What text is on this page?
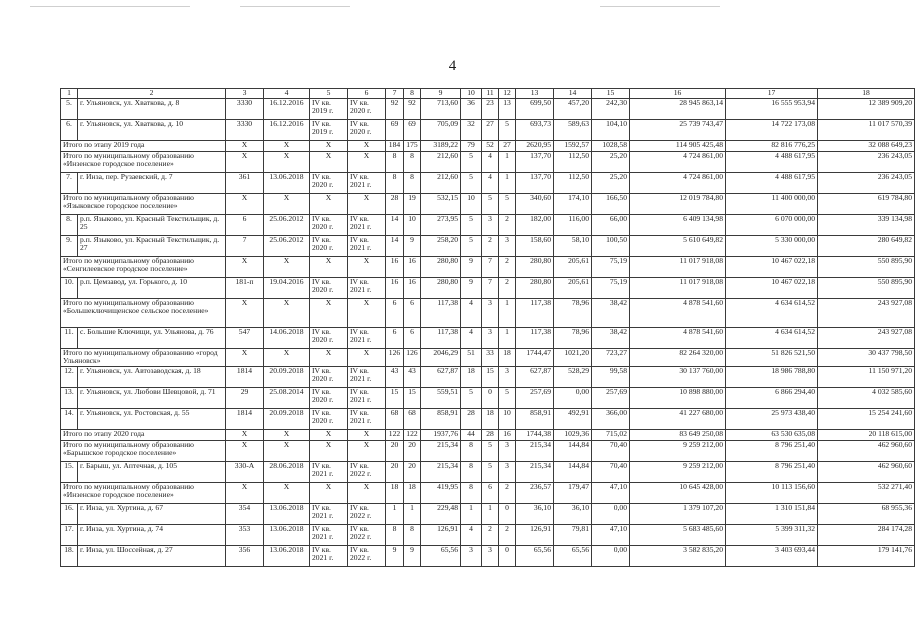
4
1	2	3	4	5	6	7	8	9	10	11	12	13	14	15	16	17	18
5.	г. Ульяновск, ул. Хваткова, д. 8	3330	16.12.2016	IV кв. 2019 г.	IV кв. 2020 г.	92	92	713,60	36	23	13	699,50	457,20	242,30	28 945 863,14	16 555 953,94	12 389 909,20
6.	г. Ульяновск, ул. Хваткова, д. 10	3330	16.12.2016	IV кв. 2019 г.	IV кв. 2020 г.	69	69	705,09	32	27	5	693,73	589,63	104,10	25 739 743,47	14 722 173,08	11 017 570,39
Итого по этапу 2019 года		X	X	X	X	184	175	3189,22	79	52	27	2620,95	1592,57	1028,58	114 905 425,48	82 816 776,25	32 088 649,23
Итого по муниципальному образованию «Инзенское городское поселение»		X	X	X	X	8	8	212,60	5	4	1	137,70	112,50	25,20	4 724 861,00	4 488 617,95	236 243,05
7.	г. Инза, пер. Рузаевский, д. 7	361	13.06.2018	IV кв. 2020 г.	IV кв. 2021 г.	8	8	212,60	5	4	1	137,70	112,50	25,20	4 724 861,00	4 488 617,95	236 243,05
Итого по муниципальному образованию «Языковское городское поселение»		X	X	X	X	28	19	532,15	10	5	5	340,60	174,10	166,50	12 019 784,80	11 400 000,00	619 784,80
8.	р.п. Языково, ул. Красный Текстильщик, д. 25	6	25.06.2012	IV кв. 2020 г.	IV кв. 2021 г.	14	10	273,95	5	3	2	182,00	116,00	66,00	6 409 134,98	6 070 000,00	339 134,98
9.	р.п. Языково, ул. Красный Текстильщик, д. 27	7	25.06.2012	IV кв. 2020 г.	IV кв. 2021 г.	14	9	258,20	5	2	3	158,60	58,10	100,50	5 610 649,82	5 330 000,00	280 649,82
Итого по муниципальному образованию «Сенгилеевское городское поселение»		X	X	X	X	16	16	280,80	9	7	2	280,80	205,61	75,19	11 017 918,08	10 467 022,18	550 895,90
10.	р.п. Цемзавод, ул. Горького, д. 10	181-п	19.04.2016	IV кв. 2020 г.	IV кв. 2021 г.	16	16	280,80	9	7	2	280,80	205,61	75,19	11 017 918,08	10 467 022,18	550 895,90
Итого по муниципальному образованию «Большеключищенское сельское поселение»		X	X	X	X	6	6	117,38	4	3	1	117,38	78,96	38,42	4 878 541,60	4 634 614,52	243 927,08
11.	с. Большие Ключищи, ул. Ульянова, д. 76	547	14.06.2018	IV кв. 2020 г.	IV кв. 2021 г.	6	6	117,38	4	3	1	117,38	78,96	38,42	4 878 541,60	4 634 614,52	243 927,08
Итого по муниципальному образованию «город Ульяновск»		X	X	X	X	126	126	2046,29	51	33	18	1744,47	1021,20	723,27	82 264 320,00	51 826 521,50	30 437 798,50
12.	г. Ульяновск, ул. Автозаводская, д. 18	1814	20.09.2018	IV кв. 2020 г.	IV кв. 2021 г.	43	43	627,87	18	15	3	627,87	528,29	99,58	30 137 760,00	18 986 788,80	11 150 971,20
13.	г. Ульяновск, ул. Любови Шевцовой, д. 71	29	25.08.2014	IV кв. 2020 г.	IV кв. 2021 г.	15	15	559,51	5	0	5	257,69	0,00	257,69	10 898 880,00	6 866 294,40	4 032 585,60
14.	г. Ульяновск, ул. Ростовская, д. 55	1814	20.09.2018	IV кв. 2020 г.	IV кв. 2021 г.	68	68	858,91	28	18	10	858,91	492,91	366,00	41 227 680,00	25 973 438,40	15 254 241,60
Итого по этапу 2020 года		X	X	X	X	122	122	1937,76	44	28	16	1744,38	1029,36	715,02	83 649 250,08	63 530 635,08	20 118 615,00
Итого по муниципальному образованию «Барышское городское поселение»		X	X	X	X	20	20	215,34	8	5	3	215,34	144,84	70,40	9 259 212,00	8 796 251,40	462 960,60
15.	г. Барыш, ул. Аптечная, д. 105	330-А	28.06.2018	IV кв. 2021 г.	IV кв. 2022 г.	20	20	215,34	8	5	3	215,34	144,84	70,40	9 259 212,00	8 796 251,40	462 960,60
Итого по муниципальному образованию «Инзенское городское поселение»		X	X	X	X	18	18	419,95	8	6	2	236,57	179,47	47,10	10 645 428,00	10 113 156,60	532 271,40
16.	г. Инза, ул. Хуртина, д. 67	354	13.06.2018	IV кв. 2021 г.	IV кв. 2022 г.	1	1	229,48	1	1	0	36,10	36,10	0,00	1 379 107,20	1 310 151,84	68 955,36
17.	г. Инза, ул. Хуртина, д. 74	353	13.06.2018	IV кв. 2021 г.	IV кв. 2022 г.	8	8	126,91	4	2	2	126,91	79,81	47,10	5 683 485,60	5 399 311,32	284 174,28
18.	г. Инза, ул. Шоссейная, д. 27	356	13.06.2018	IV кв. 2021 г.	IV кв. 2022 г.	9	9	65,56	3	3	0	65,56	65,56	0,00	3 582 835,20	3 403 693,44	179 141,76
